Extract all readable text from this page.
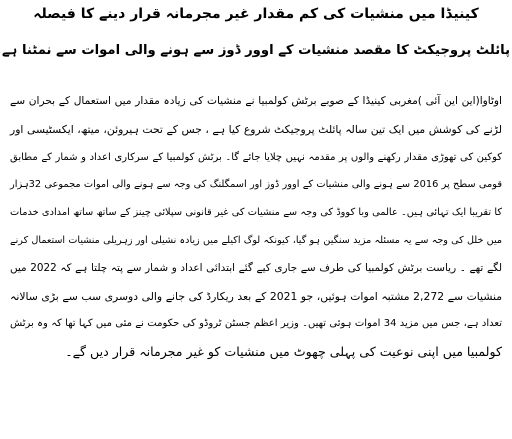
کینیڈا میں منشیات کی کم مقدار غیر مجرمانہ قرار دینے کا فیصلہ
پائلٹ پروجیکٹ کا مقصد منشیات کے اوور ڈوز سے ہونے والی اموات سے نمٹنا ہے
اوٹاوا(این این آئی )مغربی کینیڈا کے صوبے برٹش کولمبیا نے منشیات کی زیادہ مقدار میں استعمال کے بحران سے
لڑنے کی کوشش میں ایک تین سالہ پائلٹ پروجیکٹ شروع کیا ہے ، جس کے تحت ہیروئن، میتھ، ایکسٹیسی اور
کوکین کی تھوڑی مقدار رکھنے والوں پر مقدمہ نہیں چلایا جائے گا۔ برٹش کولمبیا کے سرکاری اعداد و شمار کے مطابق
قومی سطح پر 2016 سے ہونے والی منشیات کے اوور ڈوز اور اسمگلنگ کی وجہ سے ہونے والی اموات مجموعی 32ہزار
کا تقریبا ایک تہائی ہیں۔ عالمی وبا کووڈ کی وجہ سے منشیات کی غیر قانونی سپلائی چینز کے ساتھ ساتھ امدادی خدمات
میں خلل کی وجہ سے یہ مسئلہ مزید سنگین ہو گیا، کیونکہ لوگ اکیلے میں زیادہ نشیلی اور زہریلی منشیات استعمال کرنے
لگے تھے ۔ ریاست برٹش کولمبیا کی طرف سے جاری کیے گئے ابتدائی اعداد و شمار سے پتہ چلتا ہے کہ 2022 میں
منشیات سے 2,272 مشتبہ اموات ہوئیں، جو 2021 کے بعد ریکارڈ کی جانے والی دوسری سب سے بڑی سالانہ
تعداد ہے، جس میں مزید 34 اموات ہوئی تھیں۔ وزیر اعظم جسٹن ٹروڈو کی حکومت نے مئی میں کہا تھا کہ وہ برٹش
کولمبیا میں اپنی نوعیت کی پہلی چھوٹ میں منشیات کو غیر مجرمانہ قرار دیں گے۔
